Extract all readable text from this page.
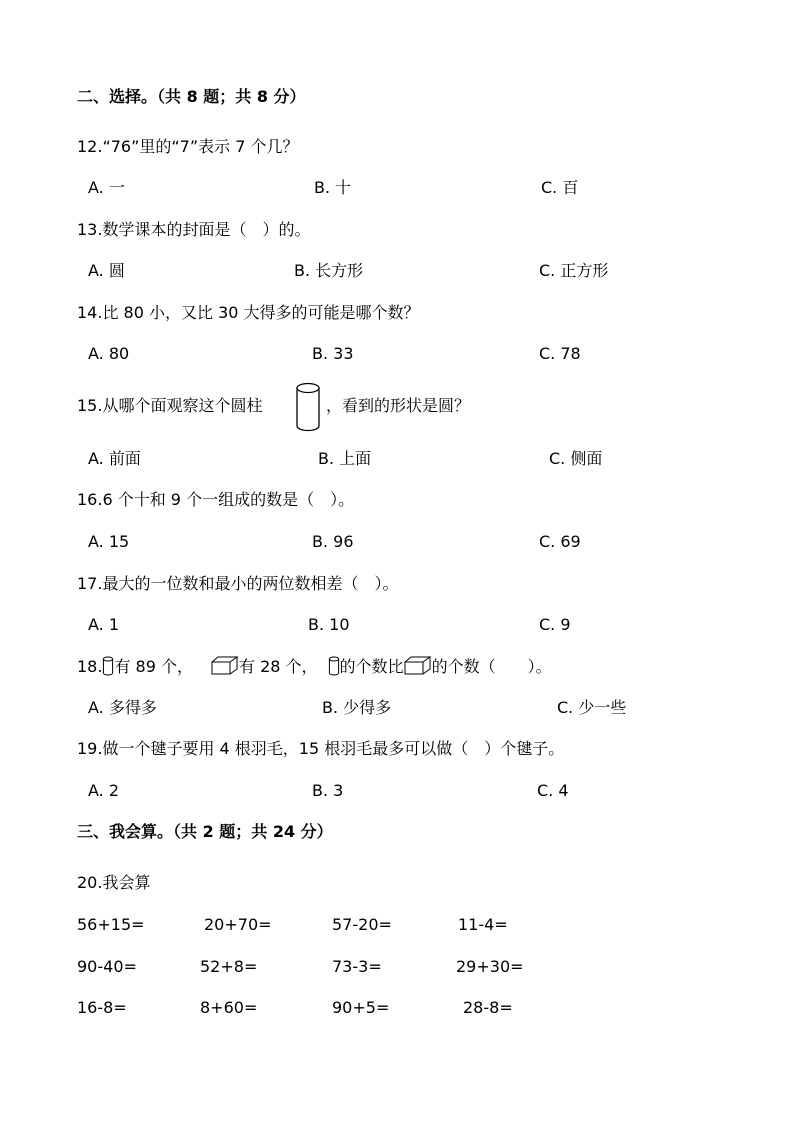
二、选择。（共 8 题；共 8 分）
12.“76”里的“7”表示 7 个几？
A. 一	B. 十	C. 百
13.数学课本的封面是（　）的。
A. 圆	B. 长方形	C. 正方形
14.比 80 小，又比 30 大得多的可能是哪个数？
A. 80	B. 33	C. 78
15.从哪个面观察这个圆柱	，看到的形状是圆？
A. 前面	B. 上面	C. 侧面
16.6 个十和 9 个一组成的数是（　）。
A. 15	B. 96	C. 69
17.最大的一位数和最小的两位数相差（　）。
A. 1	B. 10	C. 9
18. 有 89 个，	有 28 个， 的个数比 的个数（　　）。
A. 多得多	B. 少得多	C. 少一些
19.做一个毽子要用 4 根羽毛，15 根羽毛最多可以做（　）个毽子。
A. 2	B. 3	C. 4
三、我会算。（共 2 题；共 24 分）
20.我会算
56+15=	20+70=	57-20=	11-4=
90-40=	52+8=	73-3=	29+30=
16-8=	8+60=	90+5=	28-8=
